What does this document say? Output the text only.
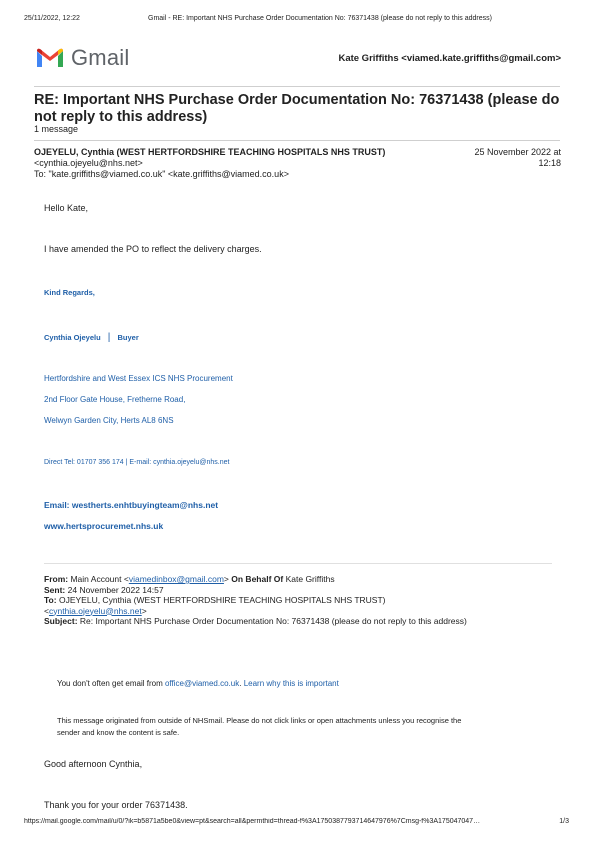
25/11/2022, 12:22	Gmail - RE: Important NHS Purchase Order Documentation No: 76371438 (please do not reply to this address)
Gmail	Kate Griffiths <viamed.kate.griffiths@gmail.com>
RE: Important NHS Purchase Order Documentation No: 76371438 (please do not reply to this address)
1 message
OJEYELU, Cynthia (WEST HERTFORDSHIRE TEACHING HOSPITALS NHS TRUST)
<cynthia.ojeyelu@nhs.net>
To: "kate.griffiths@viamed.co.uk" <kate.griffiths@viamed.co.uk>
25 November 2022 at
12:18
Hello Kate,
I have amended the PO to reflect the delivery charges.
Kind Regards,
Cynthia Ojeyelu | Buyer
Hertfordshire and West Essex ICS NHS Procurement
2nd Floor Gate House, Fretherne Road,
Welwyn Garden City, Herts AL8 6NS
Direct Tel: 01707 356 174 | E-mail: cynthia.ojeyelu@nhs.net
Email: westherts.enhtbuyingteam@nhs.net
www.hertsprocuremet.nhs.uk
From: Main Account <viamedinbox@gmail.com> On Behalf Of Kate Griffiths
Sent: 24 November 2022 14:57
To: OJEYELU, Cynthia (WEST HERTFORDSHIRE TEACHING HOSPITALS NHS TRUST)
<cynthia.ojeyelu@nhs.net>
Subject: Re: Important NHS Purchase Order Documentation No: 76371438 (please do not reply to this address)
You don't often get email from office@viamed.co.uk. Learn why this is important
This message originated from outside of NHSmail. Please do not click links or open attachments unless you recognise the
sender and know the content is safe.
Good afternoon Cynthia,
Thank you for your order 76371438.
https://mail.google.com/mail/u/0/?ik=b5871a5be0&view=pt&search=all&permthid=thread-f%3A1750387793714647976%7Cmsg-f%3A175047047…	1/3
